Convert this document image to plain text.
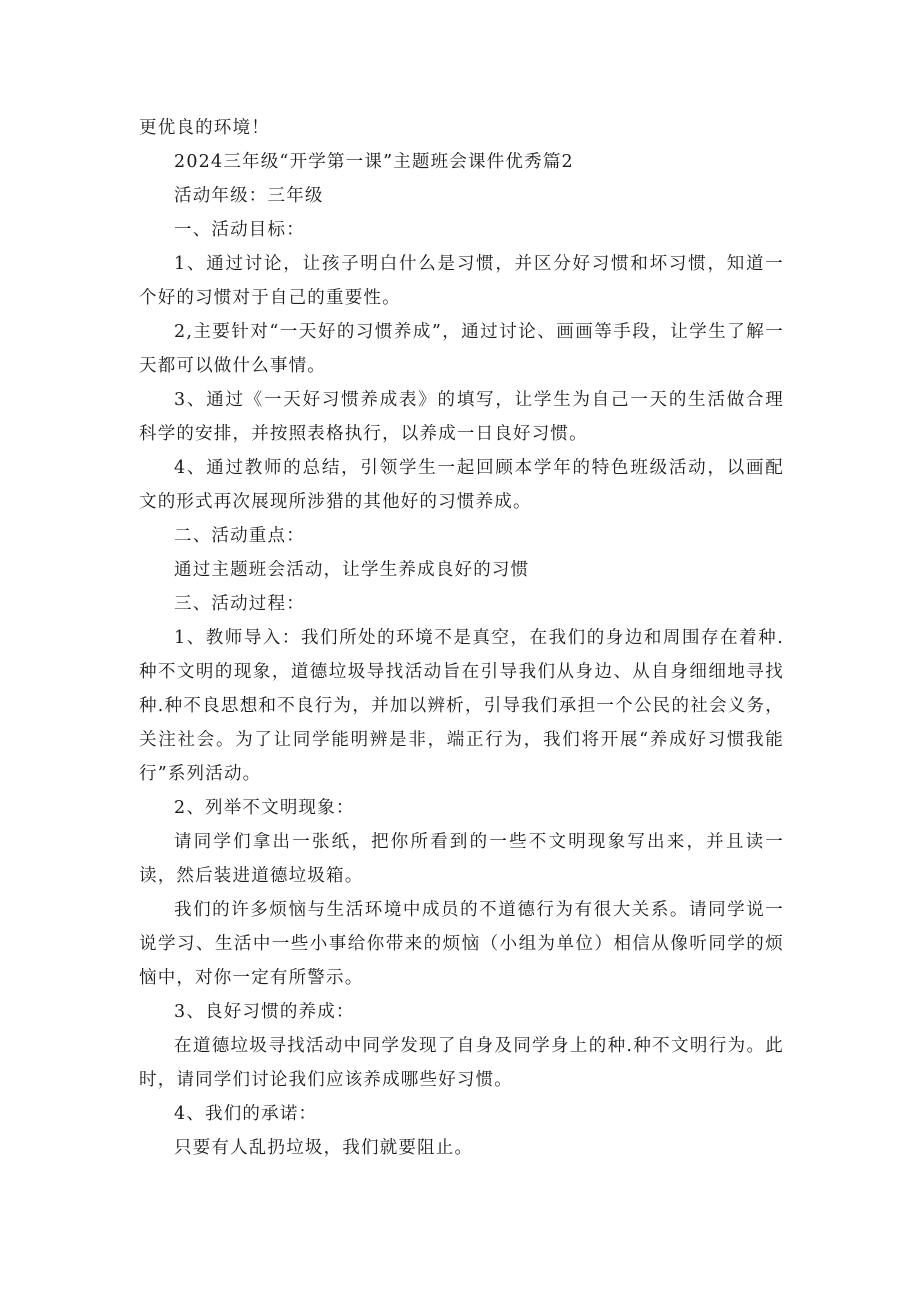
更优良的环境！

2024三年级“开学第一课”主题班会课件优秀篇2

活动年级：三年级

一、活动目标：

1、通过讨论，让孩子明白什么是习惯，并区分好习惯和坏习惯，知道一个好的习惯对于自己的重要性。

2,主要针对“一天好的习惯养成”，通过讨论、画画等手段，让学生了解一天都可以做什么事情。

3、通过《一天好习惯养成表》的填写，让学生为自己一天的生活做合理科学的安排，并按照表格执行，以养成一日良好习惯。

4、通过教师的总结，引领学生一起回顾本学年的特色班级活动，以画配文的形式再次展现所涉猎的其他好的习惯养成。

二、活动重点：

通过主题班会活动，让学生养成良好的习惯

三、活动过程：

1、教师导入：我们所处的环境不是真空，在我们的身边和周围存在着种.种不文明的现象，道德垃圾导找活动旨在引导我们从身边、从自身细细地寻找种.种不良思想和不良行为，并加以辨析，引导我们承担一个公民的社会义务，关注社会。为了让同学能明辨是非，端正行为，我们将开展“养成好习惯我能行”系列活动。

2、列举不文明现象：

请同学们拿出一张纸，把你所看到的一些不文明现象写出来，并且读一读，然后装进道德垃圾箱。

我们的许多烦恼与生活环境中成员的不道德行为有很大关系。请同学说一说学习、生活中一些小事给你带来的烦恼（小组为单位）相信从像听同学的烦恼中，对你一定有所警示。

3、良好习惯的养成：

在道德垃圾寻找活动中同学发现了自身及同学身上的种.种不文明行为。此时，请同学们讨论我们应该养成哪些好习惯。

4、我们的承诺：

只要有人乱扔垃圾，我们就要阻止。
